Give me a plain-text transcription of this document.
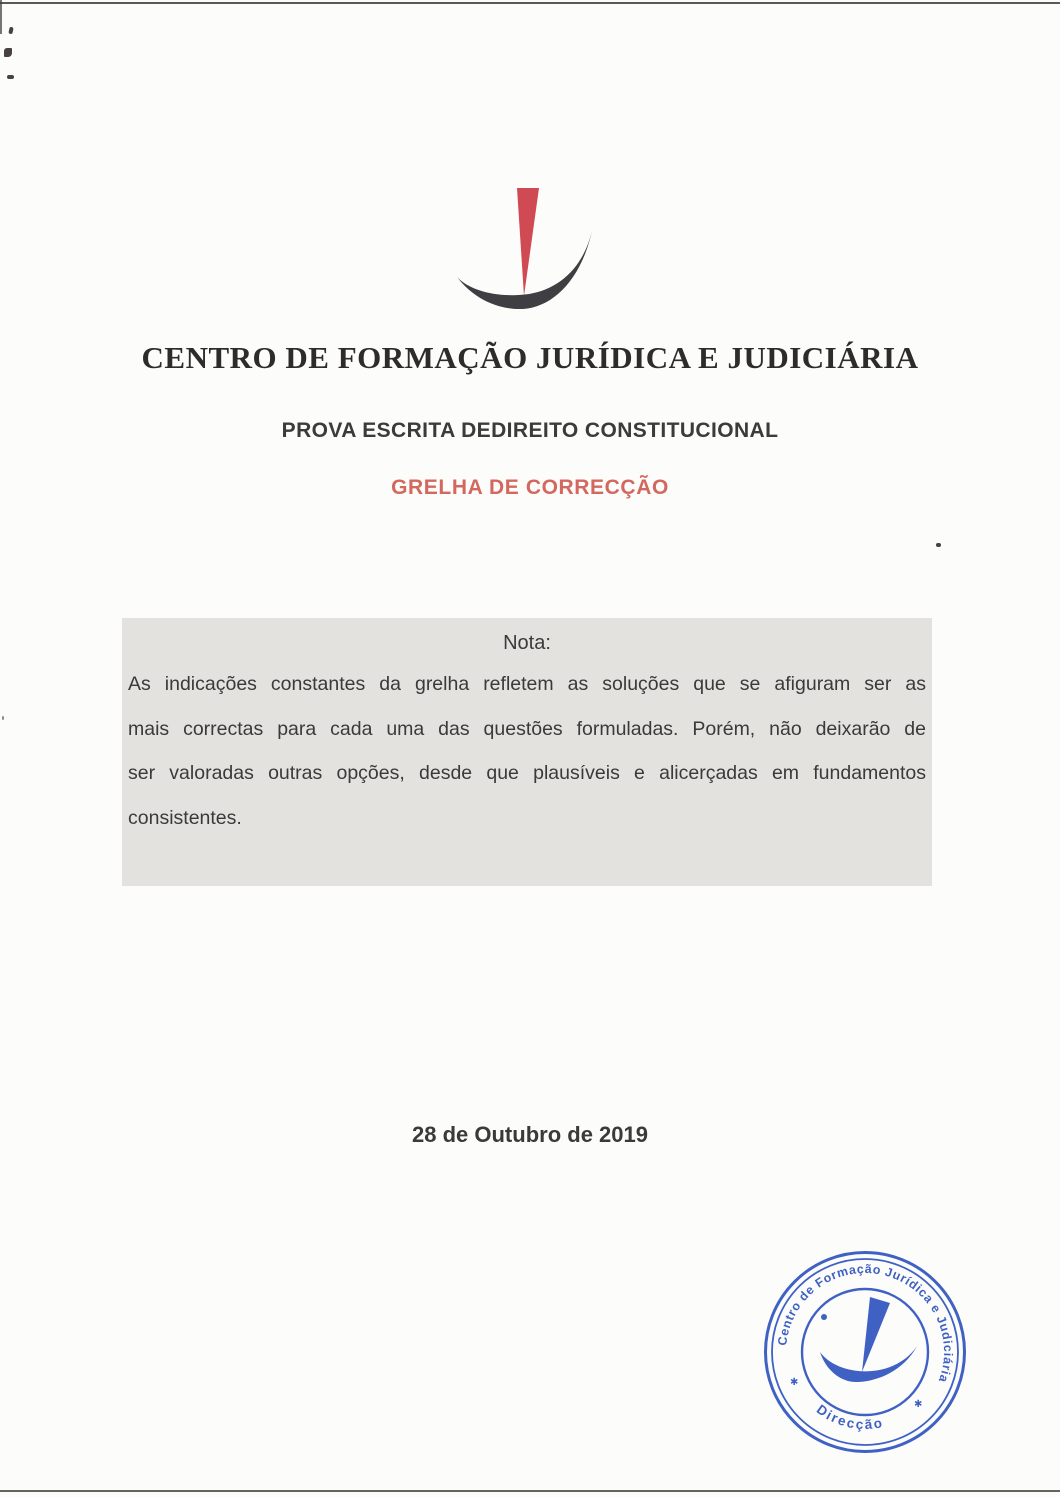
CENTRO DE FORMAÇÃO JURÍDICA E JUDICIÁRIA
PROVA ESCRITA DEDIREITO CONSTITUCIONAL
GRELHA DE CORRECÇÃO
Nota:
As indicações constantes da grelha refletem as soluções que se afiguram ser as
mais correctas para cada uma das questões formuladas. Porém, não deixarão de
ser valoradas outras opções, desde que plausíveis e alicerçadas em fundamentos
consistentes.
28 de Outubro de 2019
Centro de Formação Jurídica e Judiciária
Direcção
✱
✱
